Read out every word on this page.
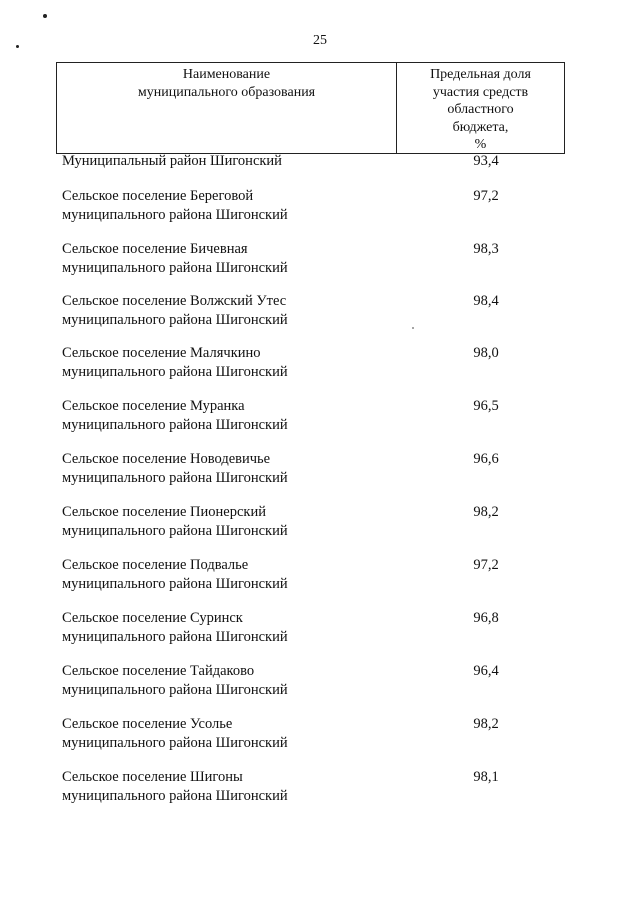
25
Наименование
муниципального образования
Предельная доля
участия средств
областного
бюджета,
%
Муниципальный район Шигонский	93,4
Сельское поселение Береговой
муниципального района Шигонский
97,2
Сельское поселение Бичевная
муниципального района Шигонский
98,3
Сельское поселение Волжский Утес
муниципального района Шигонский
98,4
Сельское поселение Малячкино
муниципального района Шигонский
98,0
Сельское поселение Муранка
муниципального района Шигонский
96,5
Сельское поселение Новодевичье
муниципального района Шигонский
96,6
Сельское поселение Пионерский
муниципального района Шигонский
98,2
Сельское поселение Подвалье
муниципального района Шигонский
97,2
Сельское поселение Суринск
муниципального района Шигонский
96,8
Сельское поселение Тайдаково
муниципального района Шигонский
96,4
Сельское поселение Усолье
муниципального района Шигонский
98,2
Сельское поселение Шигоны
муниципального района Шигонский
98,1
